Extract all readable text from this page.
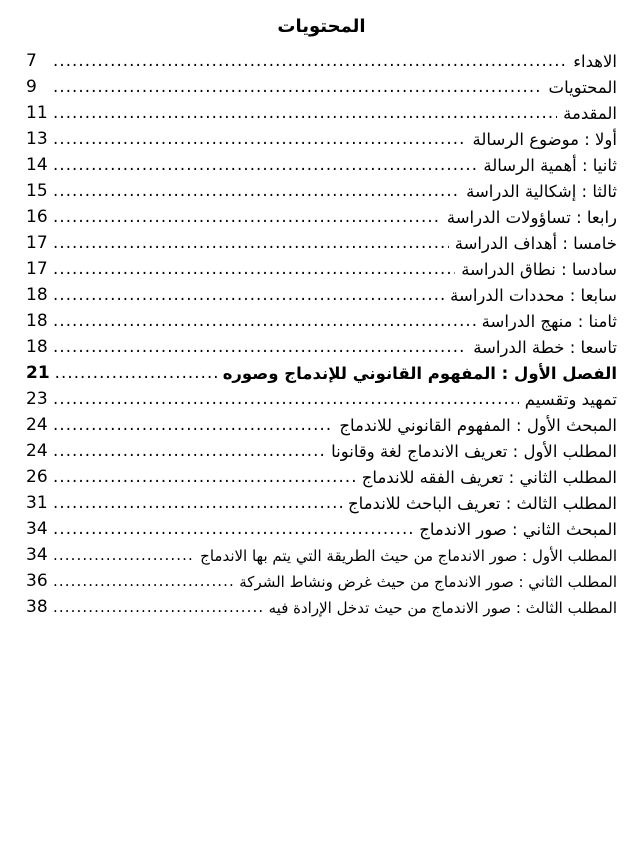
المحتويات
الاهداء
.....
7
المحتويات
.....
9
المقدمة
.....
11
أولا : موضوع الرسالة
.....
13
ثانيا : أهمية الرسالة
.....
14
ثالثا : إشكالية الدراسة
.....
15
رابعا : تساؤولات الدراسة
.....
16
خامسا : أهداف الدراسة
.....
17
سادسا : نطاق الدراسة
.....
17
سابعا : محددات الدراسة
.....
18
ثامنا : منهج الدراسة
.....
18
تاسعا : خطة الدراسة
.....
18
الفصل الأول : المفهوم القانوني للإندماج وصوره
.....
21
تمهيد وتقسيم
.....
23
المبحث الأول : المفهوم القانوني للاندماج
.....
24
المطلب الأول : تعريف الاندماج لغة وقانونا
.....
24
المطلب الثاني : تعريف الفقه للاندماج
.....
26
المطلب الثالث : تعريف الباحث للاندماج
.....
31
المبحث الثاني : صور الاندماج
.....
34
المطلب الأول : صور الاندماج من حيث الطريقة التي يتم بها الاندماج
.....
34
المطلب الثاني : صور الاندماج من حيث غرض ونشاط الشركة
.....
36
المطلب الثالث : صور الاندماج من حيث تدخل الإرادة فيه
.....
38
